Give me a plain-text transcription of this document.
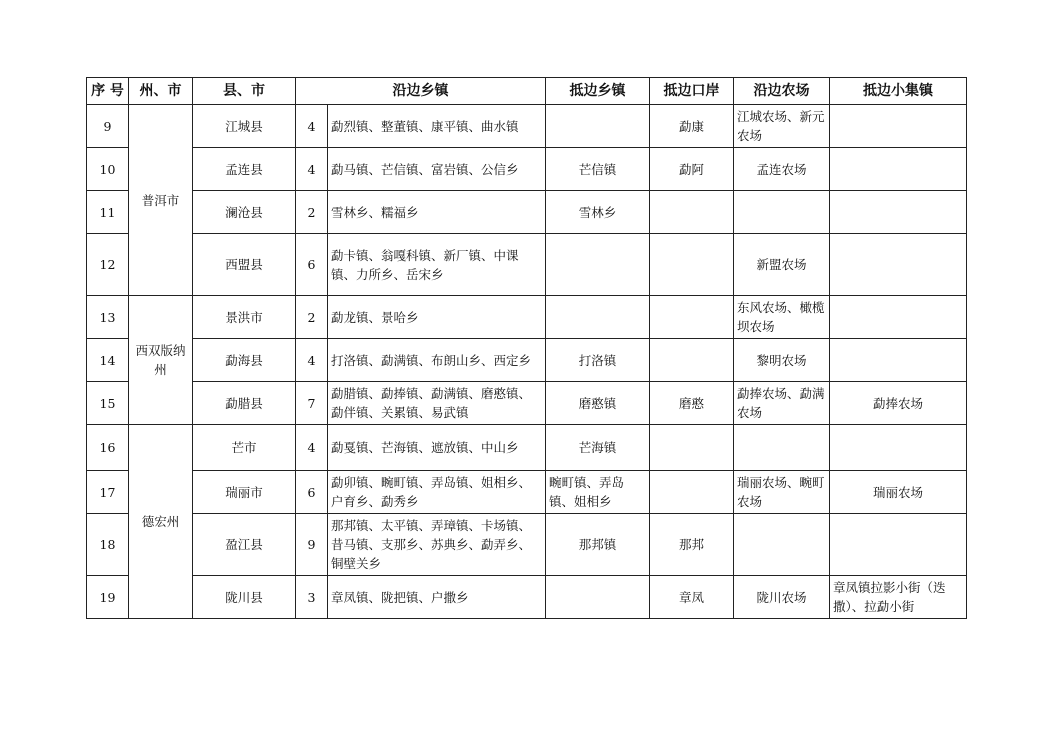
序 号	州、市	县、市	沿边乡镇		抵边乡镇	抵边口岸	沿边农场	抵边小集镇
9	普洱市	江城县	4	勐烈镇、整董镇、康平镇、曲水镇		勐康	江城农场、新元农场	
10		孟连县	4	勐马镇、芒信镇、富岩镇、公信乡	芒信镇	勐阿	孟连农场	
11		澜沧县	2	雪林乡、糯福乡	雪林乡			
12		西盟县	6	勐卡镇、翁嘎科镇、新厂镇、中课镇、力所乡、岳宋乡			新盟农场	
13	西双版纳州	景洪市	2	勐龙镇、景哈乡			东风农场、橄榄坝农场	
14		勐海县	4	打洛镇、勐满镇、布朗山乡、西定乡	打洛镇		黎明农场	
15		勐腊县	7	勐腊镇、勐捧镇、勐满镇、磨憨镇、勐伴镇、关累镇、易武镇	磨憨镇	磨憨	勐捧农场、勐满农场	勐捧农场
16	德宏州	芒市	4	勐戛镇、芒海镇、遮放镇、中山乡	芒海镇			
17		瑞丽市	6	勐卯镇、畹町镇、弄岛镇、姐相乡、户育乡、勐秀乡	畹町镇、弄岛镇、姐相乡		瑞丽农场、畹町农场	瑞丽农场
18		盈江县	9	那邦镇、太平镇、弄璋镇、卡场镇、昔马镇、支那乡、苏典乡、勐弄乡、铜壁关乡	那邦镇	那邦		
19		陇川县	3	章凤镇、陇把镇、户撒乡		章凤	陇川农场	章凤镇拉影小街（迭撒）、拉勐小街
